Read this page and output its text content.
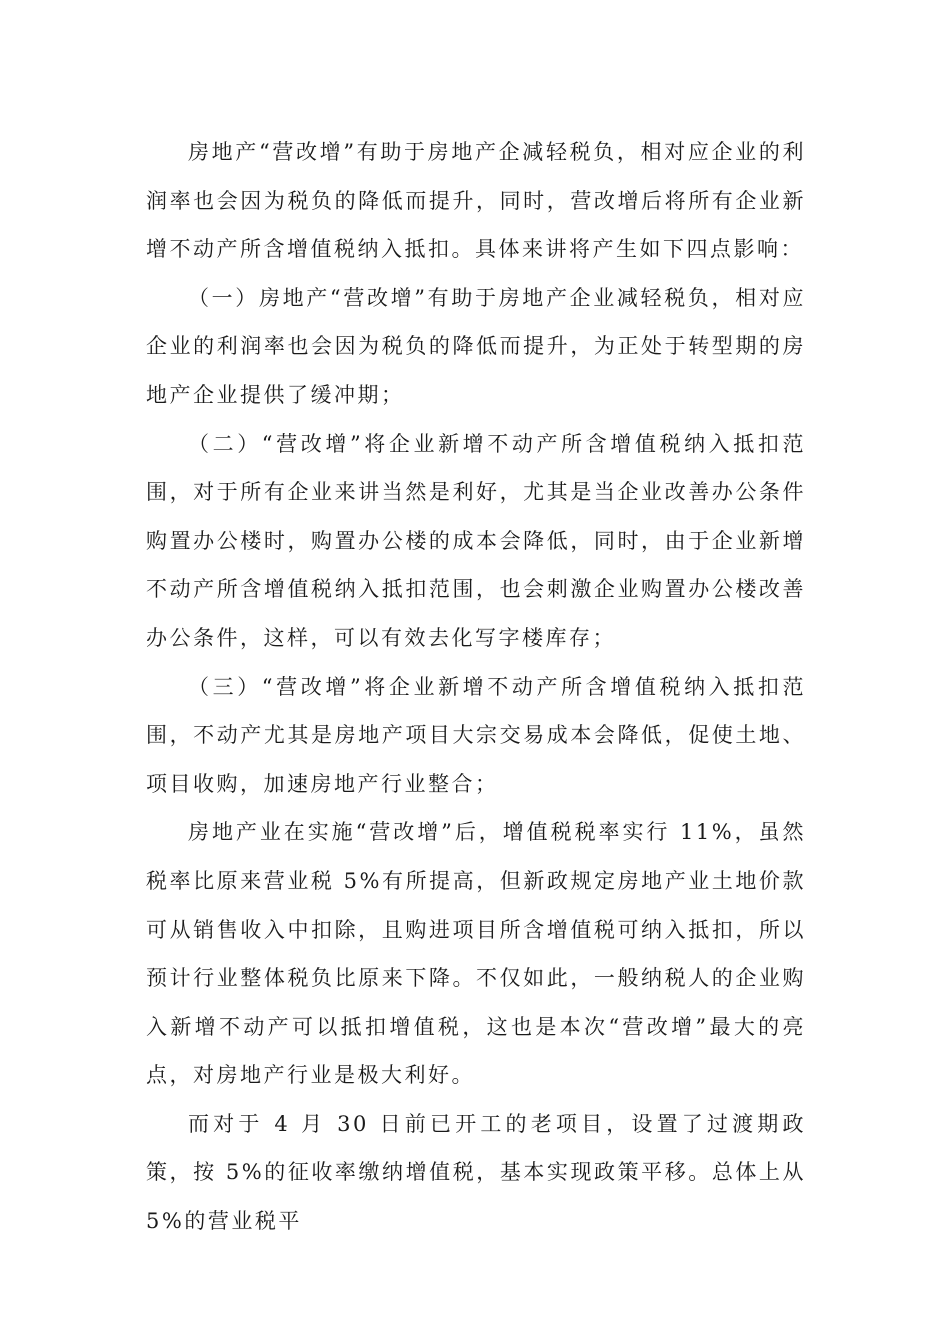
房地产“营改增”有助于房地产企减轻税负，相对应企业的利润率也会因为税负的降低而提升，同时，营改增后将所有企业新增不动产所含增值税纳入抵扣。具体来讲将产生如下四点影响：

（一）房地产“营改增”有助于房地产企业减轻税负，相对应企业的利润率也会因为税负的降低而提升，为正处于转型期的房地产企业提供了缓冲期；

（二）“营改增”将企业新增不动产所含增值税纳入抵扣范围，对于所有企业来讲当然是利好，尤其是当企业改善办公条件购置办公楼时，购置办公楼的成本会降低，同时，由于企业新增不动产所含增值税纳入抵扣范围，也会刺激企业购置办公楼改善办公条件，这样，可以有效去化写字楼库存；

（三）“营改增”将企业新增不动产所含增值税纳入抵扣范围，不动产尤其是房地产项目大宗交易成本会降低，促使土地、项目收购，加速房地产行业整合；

房地产业在实施“营改增”后，增值税税率实行 11%，虽然税率比原来营业税 5%有所提高，但新政规定房地产业土地价款可从销售收入中扣除，且购进项目所含增值税可纳入抵扣，所以预计行业整体税负比原来下降。不仅如此，一般纳税人的企业购入新增不动产可以抵扣增值税，这也是本次“营改增”最大的亮点，对房地产行业是极大利好。

而对于 4 月 30 日前已开工的老项目，设置了过渡期政策，按 5%的征收率缴纳增值税，基本实现政策平移。总体上从 5%的营业税平
